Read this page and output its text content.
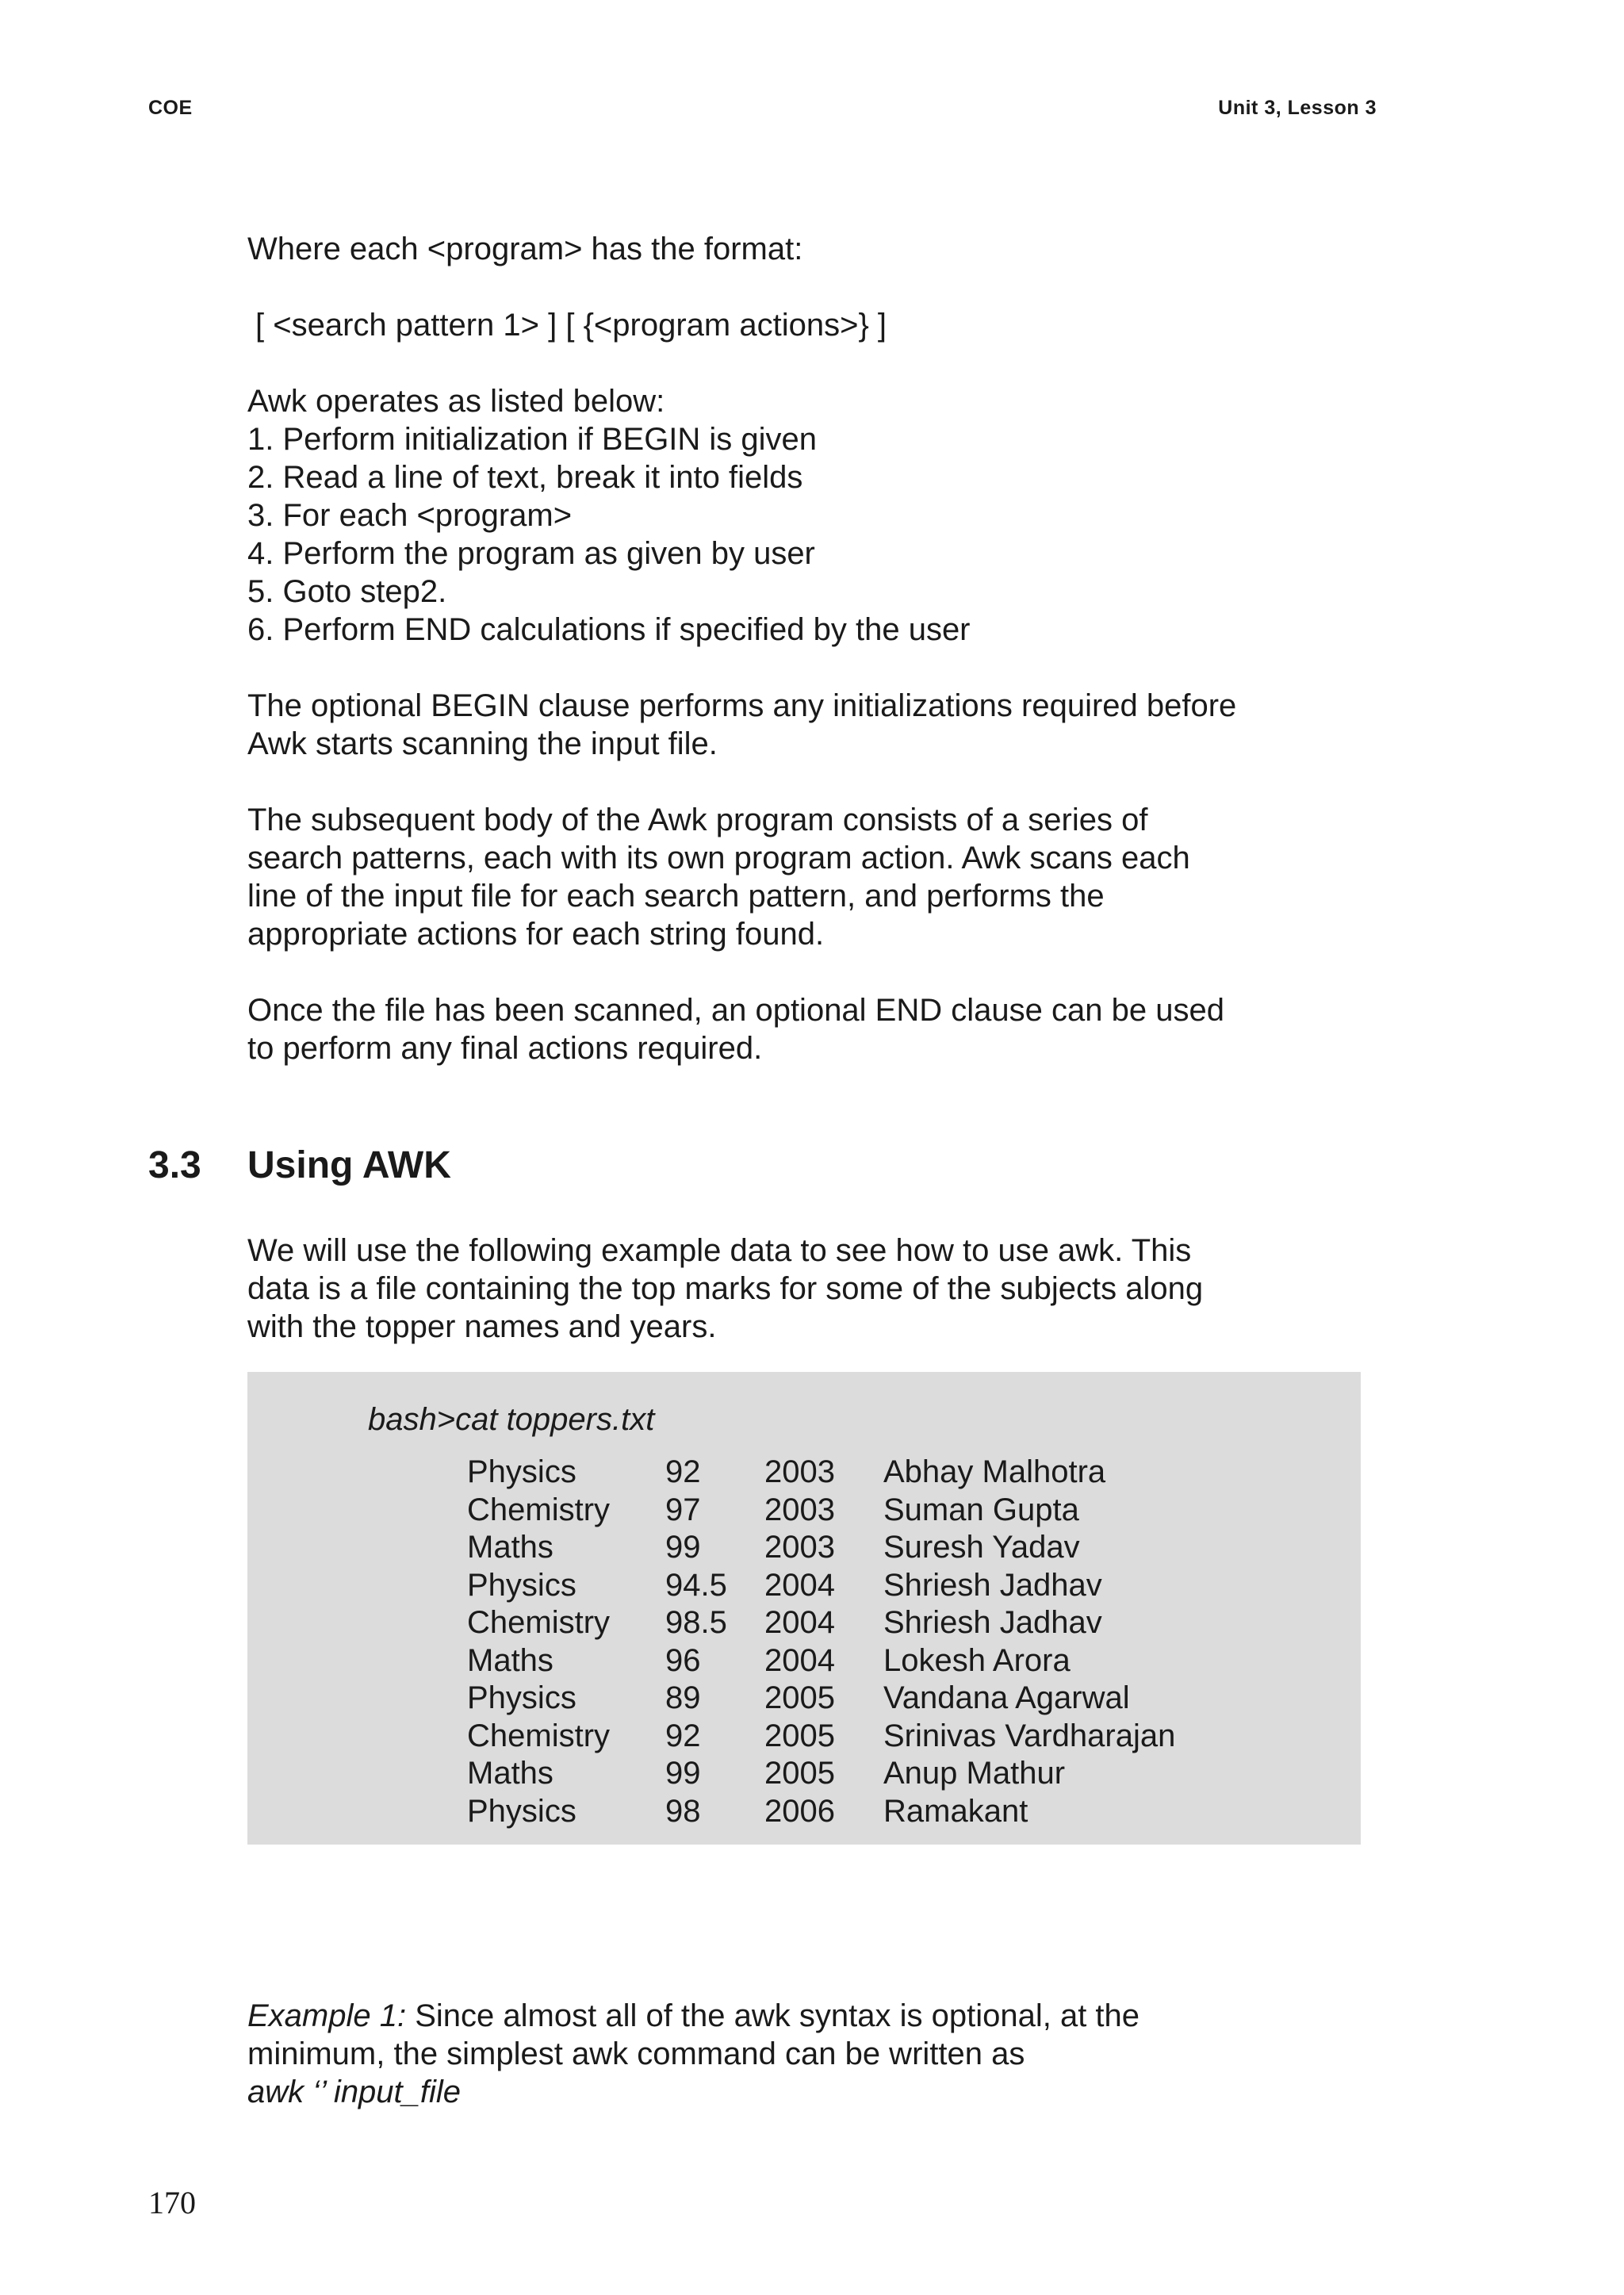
COE	Unit 3, Lesson 3

Where each <program> has the format:

[ <search pattern 1> ] [ {<program actions>} ]

Awk operates as listed below:

1. Perform initialization if BEGIN is given
2. Read a line of text, break it into fields
3. For each <program>
4. Perform the program as given by user
5. Goto step2.
6. Perform END calculations if specified by the user

The optional BEGIN clause performs any initializations required before

Awk starts scanning the input file.

The subsequent body of the Awk program consists of a series of

search patterns, each with its own program action. Awk scans each

line of the input file for each search pattern, and performs the

appropriate actions for each string found.

Once the file has been scanned, an optional END clause can be used

to perform any final actions required.

3.3 Using AWK

We will use the following example data to see how to use awk. This

data is a file containing the top marks for some of the subjects along

with the topper names and years.

bash>cat toppers.txt
Physics	92 2003 Abhay Malhotra
Chemistry 97 2003 Suman Gupta
Maths	99 2003 Suresh Yadav
Physics	94.5 2004 Shriesh Jadhav
Chemistry 98.5 2004 Shriesh Jadhav
Maths	96 2004 Lokesh Arora
Physics	89 2005 Vandana Agarwal
Chemistry 92 2005 Srinivas Vardharajan
Maths	99 2005 Anup Mathur
Physics	98 2006 Ramakant

Example 1: Since almost all of the awk syntax is optional, at the

minimum, the simplest awk command can be written as

awk ‘’ input_file

170
